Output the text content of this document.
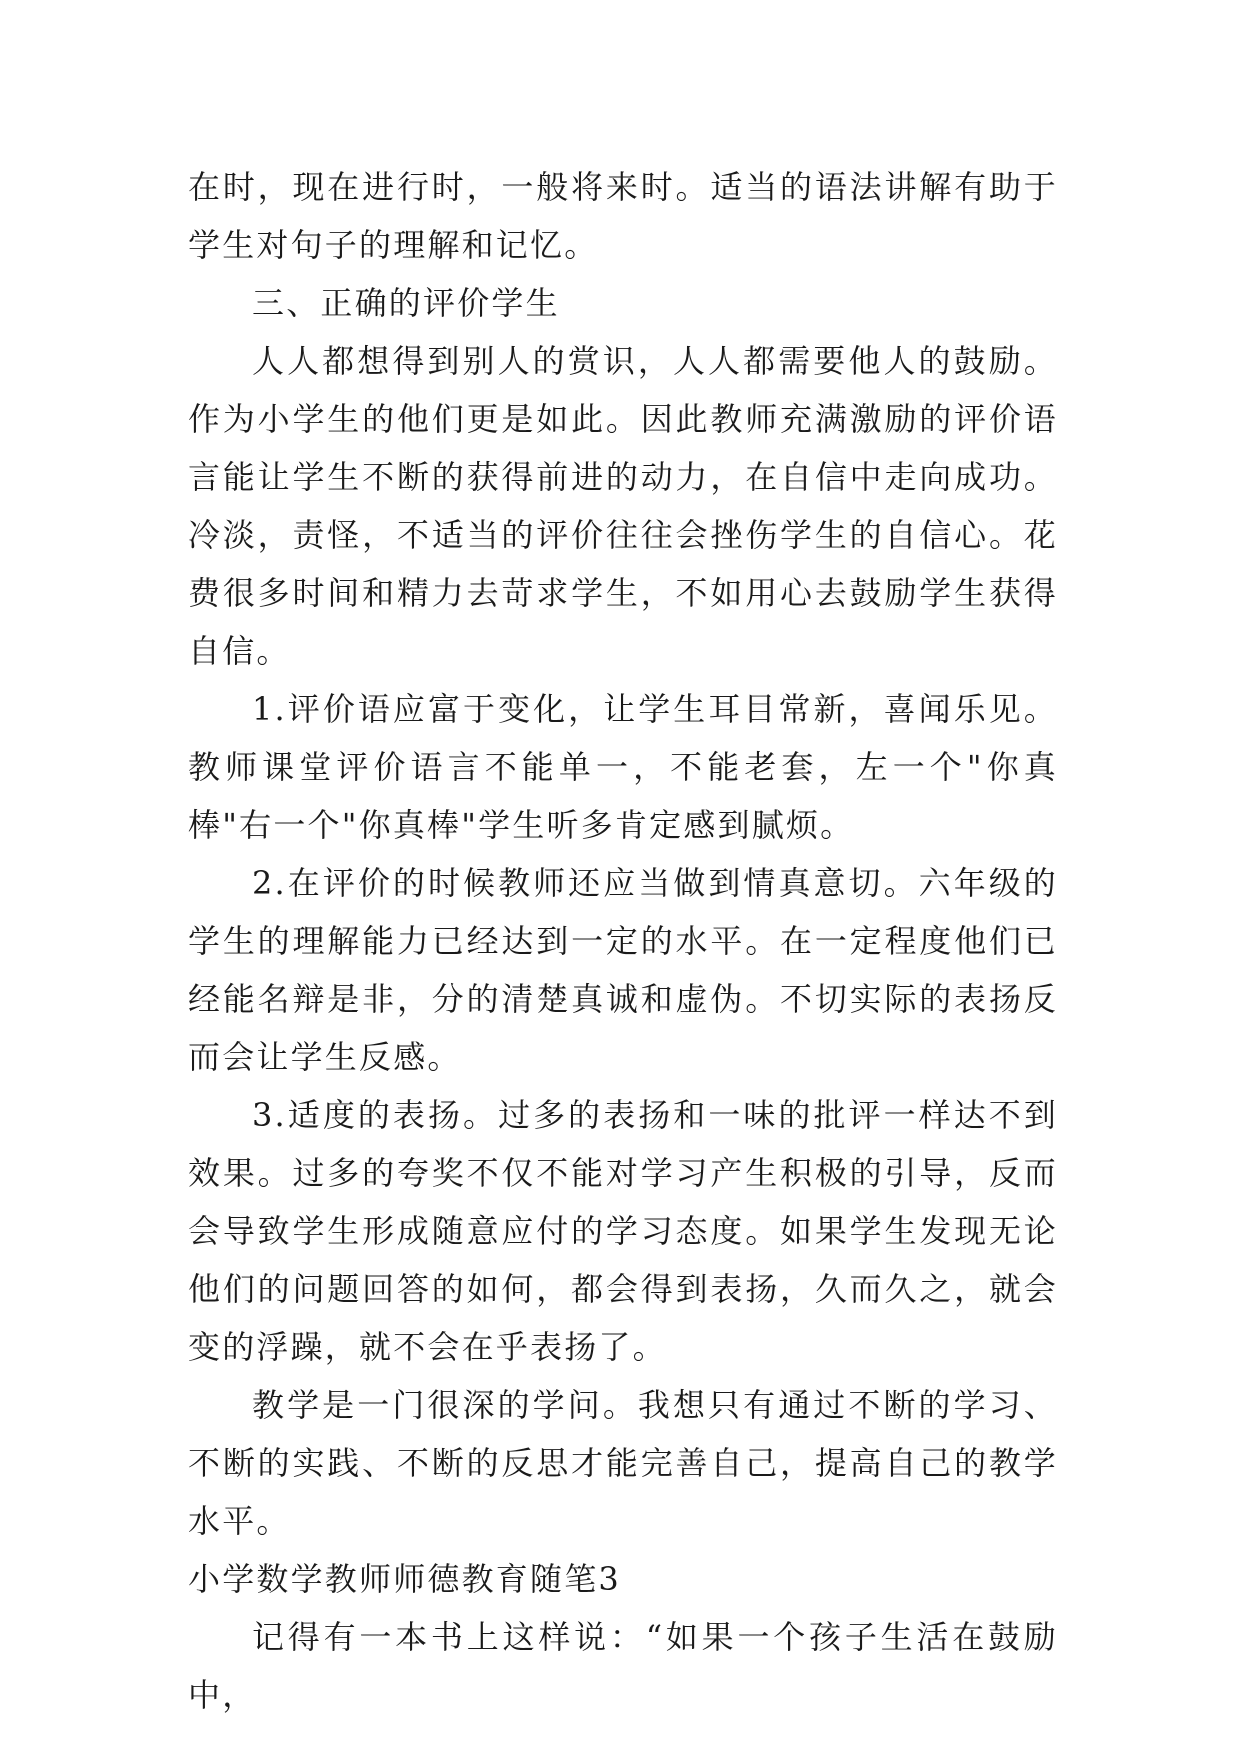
在时，现在进行时，一般将来时。适当的语法讲解有助于学生对句子的理解和记忆。

三、正确的评价学生

人人都想得到别人的赏识，人人都需要他人的鼓励。作为小学生的他们更是如此。因此教师充满激励的评价语言能让学生不断的获得前进的动力，在自信中走向成功。冷淡，责怪，不适当的评价往往会挫伤学生的自信心。花费很多时间和精力去苛求学生，不如用心去鼓励学生获得自信。

1.评价语应富于变化，让学生耳目常新，喜闻乐见。教师课堂评价语言不能单一，不能老套，左一个"你真棒"右一个"你真棒"学生听多肯定感到腻烦。

2.在评价的时候教师还应当做到情真意切。六年级的学生的理解能力已经达到一定的水平。在一定程度他们已经能名辩是非，分的清楚真诚和虚伪。不切实际的表扬反而会让学生反感。

3.适度的表扬。过多的表扬和一味的批评一样达不到效果。过多的夸奖不仅不能对学习产生积极的引导，反而会导致学生形成随意应付的学习态度。如果学生发现无论他们的问题回答的如何，都会得到表扬，久而久之，就会变的浮躁，就不会在乎表扬了。

教学是一门很深的学问。我想只有通过不断的学习、不断的实践、不断的反思才能完善自己，提高自己的教学水平。

小学数学教师师德教育随笔3

记得有一本书上这样说：“如果一个孩子生活在鼓励中，
